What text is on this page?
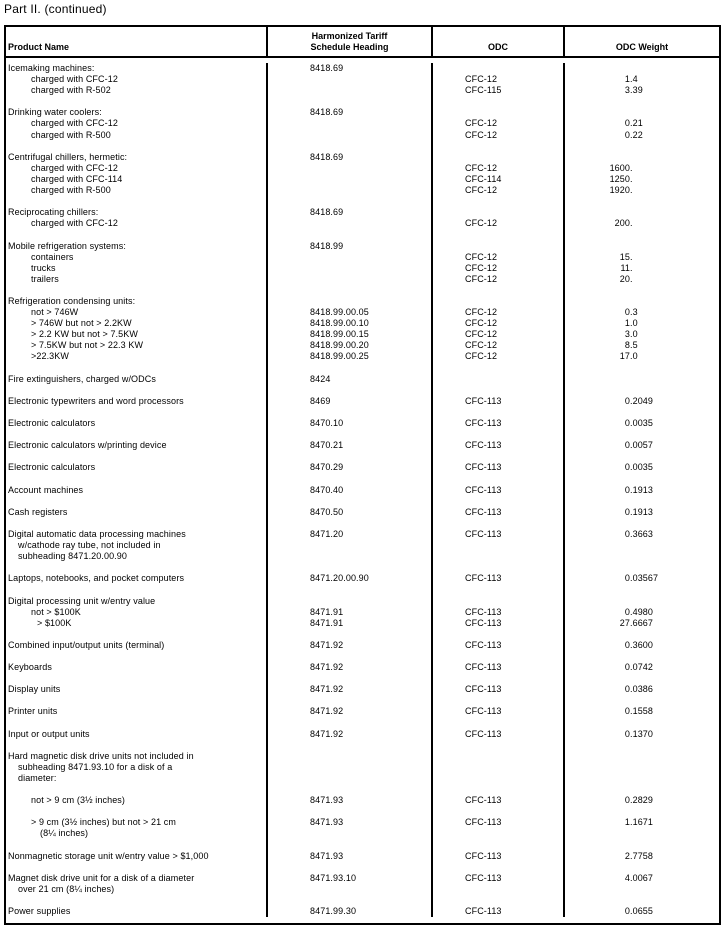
Part II. (continued)
Product Name
Harmonized Tariff
Schedule Heading	ODC	ODC Weight
Icemaking machines:
charged with CFC-12
charged with R-502
Drinking water coolers:
charged with CFC-12
charged with R-500
Centrifugal chillers, hermetic:
charged with CFC-12
charged with CFC-114
charged with R-500
Reciprocating chillers:
charged with CFC-12
Mobile refrigeration systems:
containers
trucks
trailers
Refrigeration condensing units:
not > 746W
> 746W but not > 2.2KW
> 2.2 KW but not > 7.5KW
> 7.5KW but not > 22.3 KW
>22.3KW
Fire extinguishers, charged w/ODCs
Electronic typewriters and word processors
Electronic calculators
Electronic calculators w/printing device
Electronic calculators
Account machines
Cash registers
Digital automatic data processing machines
w/cathode ray tube, not included in
subheading 8471.20.00.90
Laptops, notebooks, and pocket computers
Digital processing unit w/entry value
not > $100K
> $100K
Combined input/output units (terminal)
Keyboards
Display units
Printer units
Input or output units
Hard magnetic disk drive units not included in
subheading 8471.93.10 for a disk of a
diameter:
not > 9 cm (3½ inches)
> 9 cm (3½ inches) but not > 21 cm
(8¼ inches)
Nonmagnetic storage unit w/entry value > $1,000
Magnet disk drive unit for a disk of a diameter
over 21 cm (8¼ inches)
Power supplies
8418.69
8418.69
8418.69
8418.69
8418.99
8418.99.00.05
8418.99.00.10
8418.99.00.15
8418.99.00.20
8418.99.00.25
8424
8469
8470.10
8470.21
8470.29
8470.40
8470.50
8471.20
8471.20.00.90
8471.91
8471.91
8471.92
8471.92
8471.92
8471.92
8471.92
8471.93
8471.93
8471.93
8471.93.10
8471.99.30
CFC-12
CFC-115
CFC-12
CFC-12
CFC-12
CFC-114
CFC-12
CFC-12
CFC-12
CFC-12
CFC-12
CFC-12
CFC-12
CFC-12
CFC-12
CFC-12
CFC-113
CFC-113
CFC-113
CFC-113
CFC-113
CFC-113
CFC-113
CFC-113
CFC-113
CFC-113
CFC-113
CFC-113
CFC-113
CFC-113
CFC-113
CFC-113
CFC-113
CFC-113
CFC-113
CFC-113
1.4
3.39
0.21
0.22
1600.
1250.
1920.
200.
15.
11.
20.
0.3
1.0
3.0
8.5
17.0
0.2049
0.0035
0.0057
0.0035
0.1913
0.1913
0.3663
0.03567
0.4980
27.6667
0.3600
0.0742
0.0386
0.1558
0.1370
0.2829
1.1671
2.7758
4.0067
0.0655
